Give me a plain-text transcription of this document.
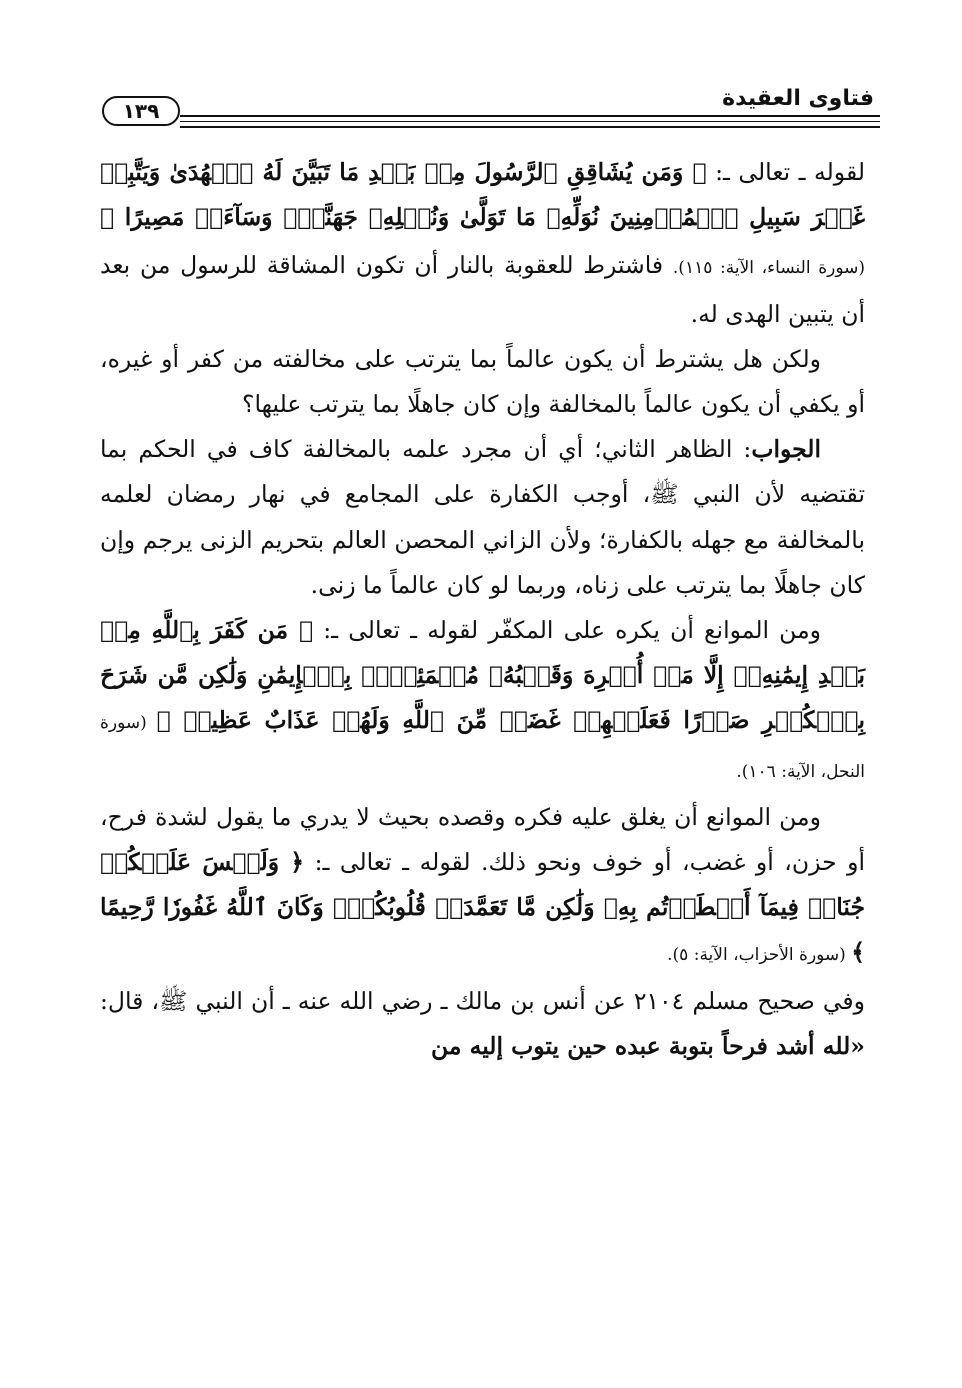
فتاوى العقيدة
١٣٩

لقوله ـ تعالى ـ: ﴿ وَمَن يُشَاقِقِ ٱلرَّسُولَ مِنۢ بَعۡدِ مَا تَبَيَّنَ لَهُ ٱلۡهُدَىٰ وَيَتَّبِعۡ غَيۡرَ سَبِيلِ ٱلۡمُؤۡمِنِينَ نُوَلِّهِۦ مَا تَوَلَّىٰ وَنُصۡلِهِۦ جَهَنَّمَۖ وَسَآءَتۡ مَصِيرًا ﴾ (سورة النساء، الآية: ١١٥). فاشترط للعقوبة بالنار أن تكون المشاقة للرسول من بعد أن يتبين الهدى له.

ولكن هل يشترط أن يكون عالماً بما يترتب على مخالفته من كفر أو غيره، أو يكفي أن يكون عالماً بالمخالفة وإن كان جاهلًا بما يترتب عليها؟

الجواب: الظاهر الثاني؛ أي أن مجرد علمه بالمخالفة كاف في الحكم بما تقتضيه لأن النبي ﷺ، أوجب الكفارة على المجامع في نهار رمضان لعلمه بالمخالفة مع جهله بالكفارة؛ ولأن الزاني المحصن العالم بتحريم الزنى يرجم وإن كان جاهلًا بما يترتب على زناه، وربما لو كان عالماً ما زنى.

ومن الموانع أن يكره على المكفّر لقوله ـ تعالى ـ: ﴿ مَن كَفَرَ بِٱللَّهِ مِنۢ بَعۡدِ إِيمَٰنِهِۦٓ إِلَّا مَنۡ أُكۡرِهَ وَقَلۡبُهُۥ مُطۡمَئِنُّۢ بِٱلۡإِيمَٰنِ وَلَٰكِن مَّن شَرَحَ بِٱلۡكُفۡرِ صَدۡرًا فَعَلَيۡهِمۡ غَضَبٞ مِّنَ ٱللَّهِ وَلَهُمۡ عَذَابٌ عَظِيمٞ ﴾ (سورة النحل، الآية: ١٠٦).

ومن الموانع أن يغلق عليه فكره وقصده بحيث لا يدري ما يقول لشدة فرح، أو حزن، أو غضب، أو خوف ونحو ذلك. لقوله ـ تعالى ـ: ﴿ وَلَيۡسَ عَلَيۡكُمۡ جُنَاحٞ فِيمَآ أَخۡطَأۡتُم بِهِۦ وَلَٰكِن مَّا تَعَمَّدَتۡ قُلُوبُكُمۡۚ وَكَانَ ٱللَّهُ غَفُورٗا رَّحِيمًا ﴾ (سورة الأحزاب، الآية: ٥).

وفي صحيح مسلم ٢١٠٤ عن أنس بن مالك ـ رضي الله عنه ـ أن النبي ﷺ، قال: «لله أشد فرحاً بتوبة عبده حين يتوب إليه من
